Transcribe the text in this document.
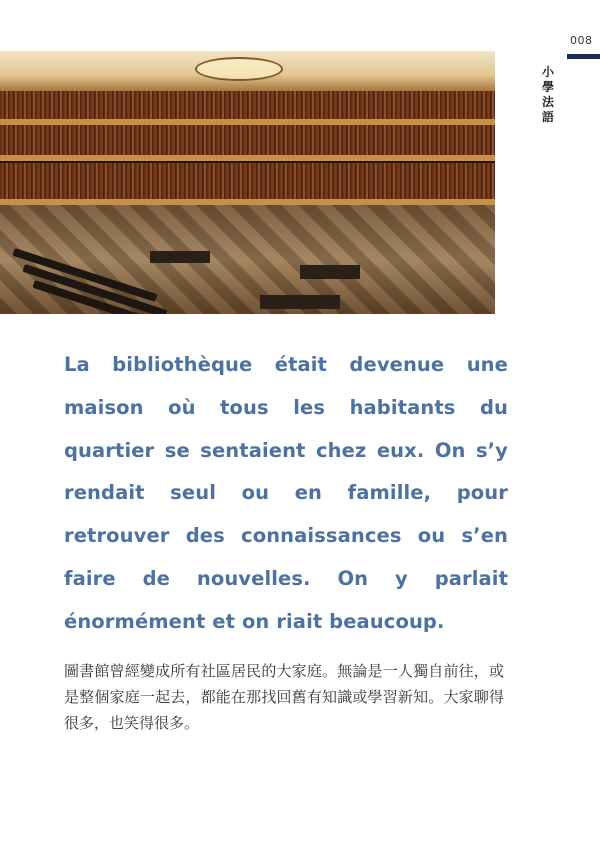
008
小學法語

La bibliothèque était devenue une maison où tous les habitants du quartier se sentaient chez eux. On s’y rendait seul ou en famille, pour retrouver des connaissances ou s’en faire de nouvelles. On y parlait énormément et on riait beaucoup.

圖書館曾經變成所有社區居民的大家庭。無論是一人獨自前往，或是整個家庭一起去，都能在那找回舊有知識或學習新知。大家聊得很多，也笑得很多。
